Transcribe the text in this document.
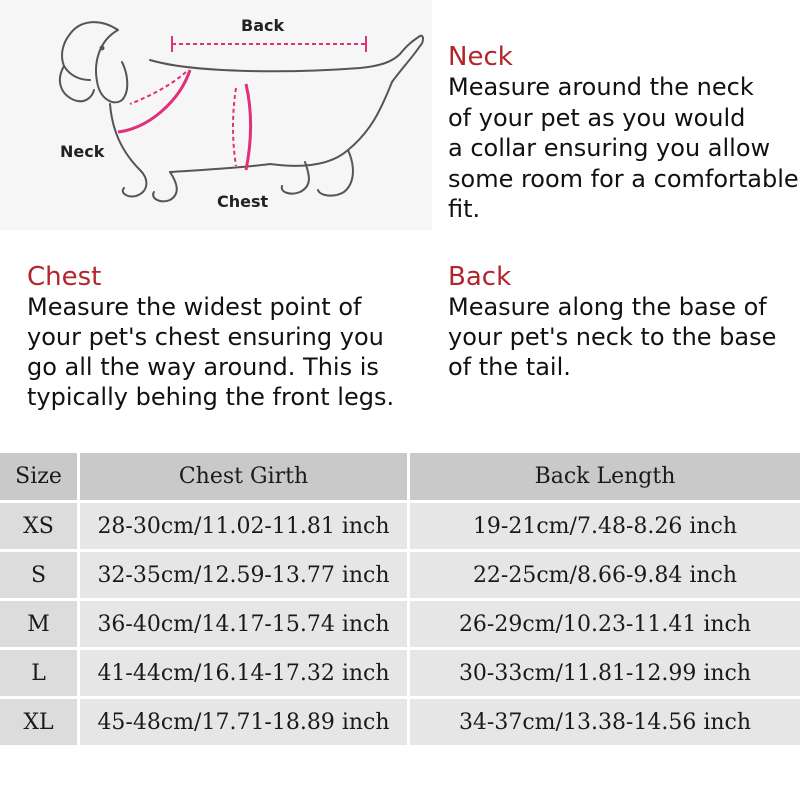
Back
Neck
Chest
Neck
Measure around the neck
of your pet as you would
a collar ensuring you allow
some room for a comfortable
fit.
Chest
Measure the widest point of
your pet's chest ensuring you
go all the way around. This is
typically behing the front legs.
Back
Measure along the base of
your pet's neck to the base
of the tail.
Size	Chest Girth	Back Length
XS	28-30cm/11.02-11.81 inch	19-21cm/7.48-8.26 inch
S	32-35cm/12.59-13.77 inch	22-25cm/8.66-9.84 inch
M	36-40cm/14.17-15.74 inch	26-29cm/10.23-11.41 inch
L	41-44cm/16.14-17.32 inch	30-33cm/11.81-12.99 inch
XL	45-48cm/17.71-18.89 inch	34-37cm/13.38-14.56 inch
